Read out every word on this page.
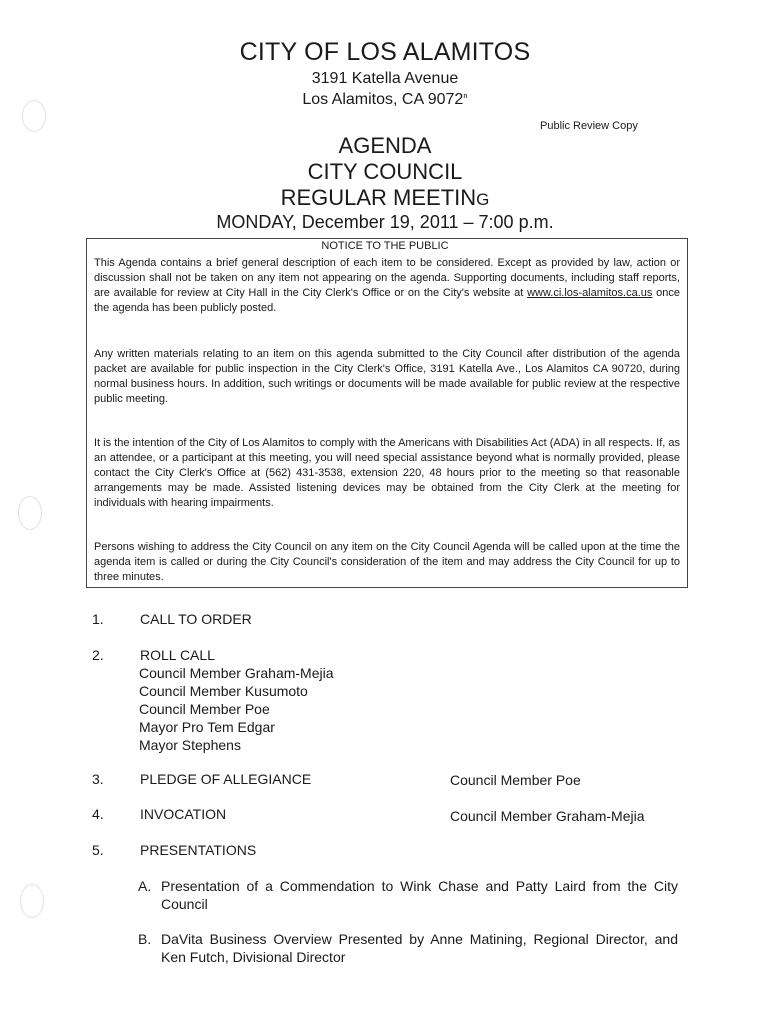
CITY OF LOS ALAMITOS
3191 Katella Avenue
Los Alamitos, CA 9072ⁿ
Public Review Copy
AGENDA
CITY COUNCIL
REGULAR MEETING
MONDAY, December 19, 2011 – 7:00 p.m.
NOTICE TO THE PUBLIC
This Agenda contains a brief general description of each item to be considered. Except as provided by law, action or discussion shall not be taken on any item not appearing on the agenda. Supporting documents, including staff reports, are available for review at City Hall in the City Clerk's Office or on the City's website at www.ci.los-alamitos.ca.us once the agenda has been publicly posted.
Any written materials relating to an item on this agenda submitted to the City Council after distribution of the agenda packet are available for public inspection in the City Clerk's Office, 3191 Katella Ave., Los Alamitos CA 90720, during normal business hours. In addition, such writings or documents will be made available for public review at the respective public meeting.
It is the intention of the City of Los Alamitos to comply with the Americans with Disabilities Act (ADA) in all respects. If, as an attendee, or a participant at this meeting, you will need special assistance beyond what is normally provided, please contact the City Clerk's Office at (562) 431-3538, extension 220, 48 hours prior to the meeting so that reasonable arrangements may be made. Assisted listening devices may be obtained from the City Clerk at the meeting for individuals with hearing impairments.
Persons wishing to address the City Council on any item on the City Council Agenda will be called upon at the time the agenda item is called or during the City Council's consideration of the item and may address the City Council for up to three minutes.
1.	CALL TO ORDER
2.	ROLL CALL
Council Member Graham-Mejia
Council Member Kusumoto
Council Member Poe
Mayor Pro Tem Edgar
Mayor Stephens
3.	PLEDGE OF ALLEGIANCE	Council Member Poe
4.	INVOCATION	Council Member Graham-Mejia
5.	PRESENTATIONS
A. Presentation of a Commendation to Wink Chase and Patty Laird from the City Council
B. DaVita Business Overview Presented by Anne Matining, Regional Director, and Ken Futch, Divisional Director
